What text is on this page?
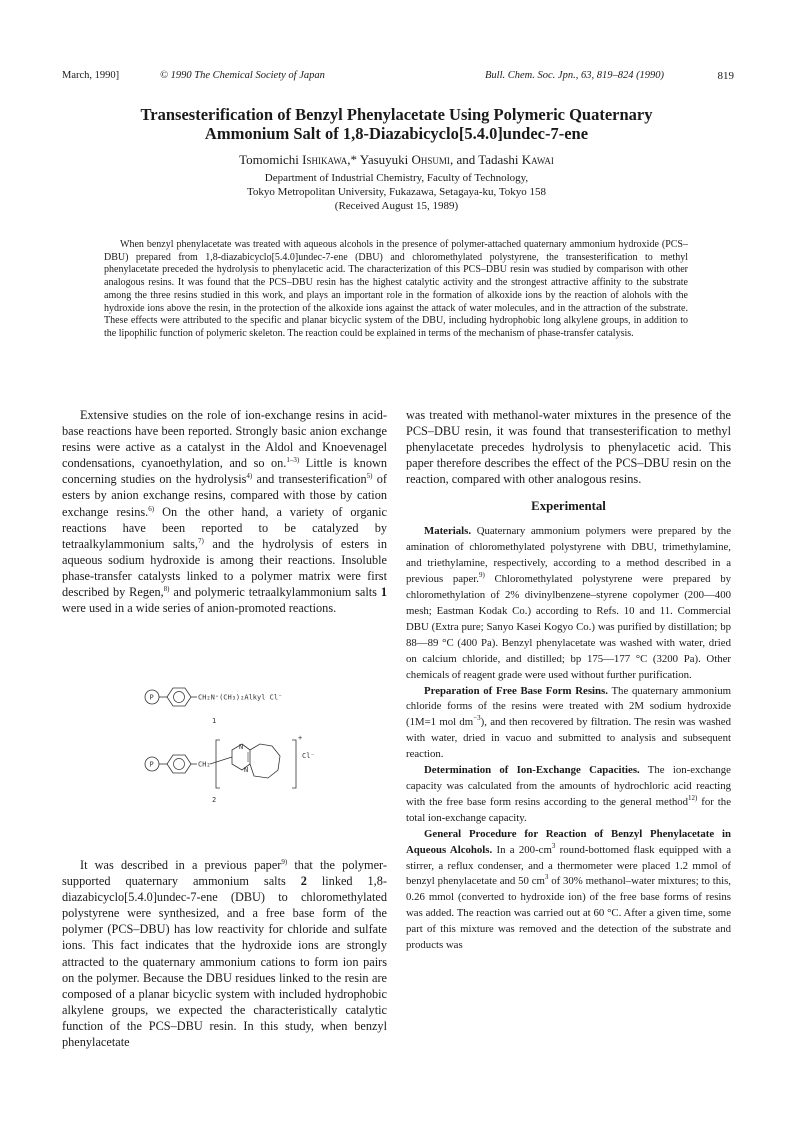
March, 1990]	© 1990 The Chemical Society of Japan	Bull. Chem. Soc. Jpn., 63, 819–824 (1990)	819
Transesterification of Benzyl Phenylacetate Using Polymeric Quaternary
Ammonium Salt of 1,8-Diazabicyclo[5.4.0]undec-7-ene
Tomomichi Ishikawa,* Yasuyuki Ohsumi, and Tadashi Kawai
Department of Industrial Chemistry, Faculty of Technology,
Tokyo Metropolitan University, Fukazawa, Setagaya-ku, Tokyo 158
(Received August 15, 1989)

When benzyl phenylacetate was treated with aqueous alcohols in the presence of polymer-attached quaternary ammonium hydroxide (PCS–DBU) prepared from 1,8-diazabicyclo[5.4.0]undec-7-ene (DBU) and chloromethylated polystyrene, the transesterification to methyl phenylacetate preceded the hydrolysis to phenylacetic acid. The characterization of this PCS–DBU resin was studied by comparison with other analogous resins. It was found that the PCS–DBU resin has the highest catalytic activity and the strongest attractive affinity to the substrate among the three resins studied in this work, and plays an important role in the formation of alkoxide ions by the reaction of alohols with the hydroxide ions above the resin, in the protection of the alkoxide ions against the attack of water molecules, and in the attraction of the substrate. These effects were attributed to the specific and planar bicyclic system of the DBU, including hydrophobic long alkylene groups, in addition to the lipophilic function of polymeric skeleton. The reaction could be explained in terms of the mechanism of phase-transfer catalysis.

Extensive studies on the role of ion-exchange resins in acid-base reactions have been reported. Strongly basic anion exchange resins were active as a catalyst in the Aldol and Knoevenagel condensations, cyanoethylation, and so on.$^{1-3)}$ Little is known concerning studies on the hydrolysis$^{4)}$ and transesterification$^{5)}$ of esters by anion exchange resins, compared with those by cation exchange resins.$^{6)}$ On the other hand, a variety of organic reactions have been reported to be catalyzed by tetraalkylammonium salts,$^{7)}$ and the hydrolysis of esters in aqueous sodium hydroxide is among their reactions. Insoluble phase-transfer catalysts linked to a polymer matrix were first described by Regen,$^{8)}$ and polymeric tetraalkylammonium salts 1 were used in a wide series of anion-promoted reactions.

P	CH₂N⁺(CH₃)₂Alkyl Cl⁻
1
P	CH₂
N
N
+
Cl⁻
2

It was described in a previous paper$^{9)}$ that the polymer-supported quaternary ammonium salts 2 linked 1,8-diazabicyclo[5.4.0]undec-7-ene (DBU) to chloromethylated polystyrene were synthesized, and a free base form of the polymer (PCS–DBU) has low reactivity for chloride and sulfate ions. This fact indicates that the hydroxide ions are strongly attracted to the quaternary ammonium cations to form ion pairs on the polymer. Because the DBU residues linked to the resin are composed of a planar bicyclic system with included hydrophobic alkylene groups, we expected the characteristically catalytic function of the PCS–DBU resin. In this study, when benzyl phenylacetate

was treated with methanol-water mixtures in the presence of the PCS–DBU resin, it was found that transesterification to methyl phenylacetate precedes hydrolysis to phenylacetic acid. This paper therefore describes the effect of the PCS–DBU resin on the reaction, compared with other analogous resins.

Experimental

Materials. Quaternary ammonium polymers were prepared by the amination of chloromethylated polystyrene with DBU, trimethylamine, and triethylamine, respectively, according to a method described in a previous paper.$^{9)}$ Chloromethylated polystyrene were prepared by chloromethylation of 2% divinylbenzene–styrene copolymer (200—400 mesh; Eastman Kodak Co.) according to Refs. 10 and 11. Commercial DBU (Extra pure; Sanyo Kasei Kogyo Co.) was purified by distillation; bp 88—89 °C (400 Pa). Benzyl phenylacetate was washed with water, dried on calcium chloride, and distilled; bp 175—177 °C (3200 Pa). Other chemicals of reagent grade were used without further purification.

Preparation of Free Base Form Resins. The quaternary ammonium chloride forms of the resins were treated with 2M sodium hydroxide (1M=1 mol $dm^{-3}$), and then recovered by filtration. The resin was washed with water, dried in vacuo and submitted to analysis and subsequent reaction.

Determination of Ion-Exchange Capacities. The ion-exchange capacity was calculated from the amounts of hydrochloric acid reacting with the free base form resins according to the general method$^{12)}$ for the total ion-exchange capacity.

General Procedure for Reaction of Benzyl Phenylacetate in Aqueous Alcohols. In a $200-cm^3$ round-bottomed flask equipped with a stirrer, a reflux condenser, and a thermometer were placed 1.2 mmol of benzyl phenylacetate and 50 $cm^3$ of 30% methanol–water mixtures; to this, 0.26 mmol (converted to hydroxide ion) of the free base forms of resins was added. The reaction was carried out at 60 °C. After a given time, some part of this mixture was removed and the detection of the substrate and products was
